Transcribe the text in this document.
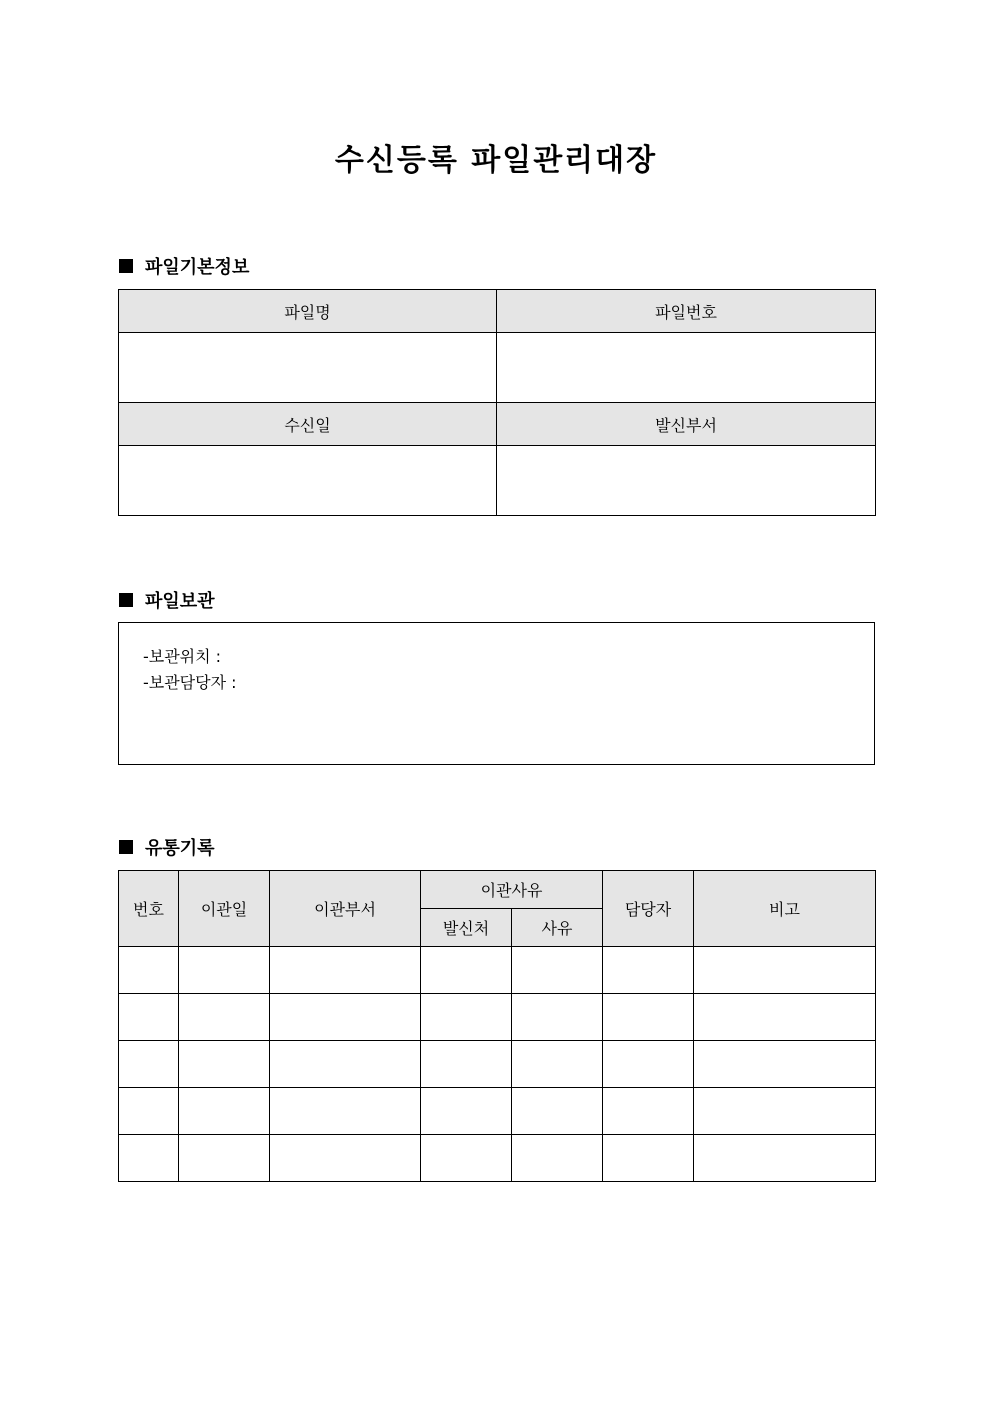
수신등록 파일관리대장
파일기본정보
파일명	파일번호

수신일	발신부서

파일보관
-보관위치 :
-보관담당자 :
유통기록
번호	이관일	이관부서	이관사유		담당자	비고
			발신처	사유		
